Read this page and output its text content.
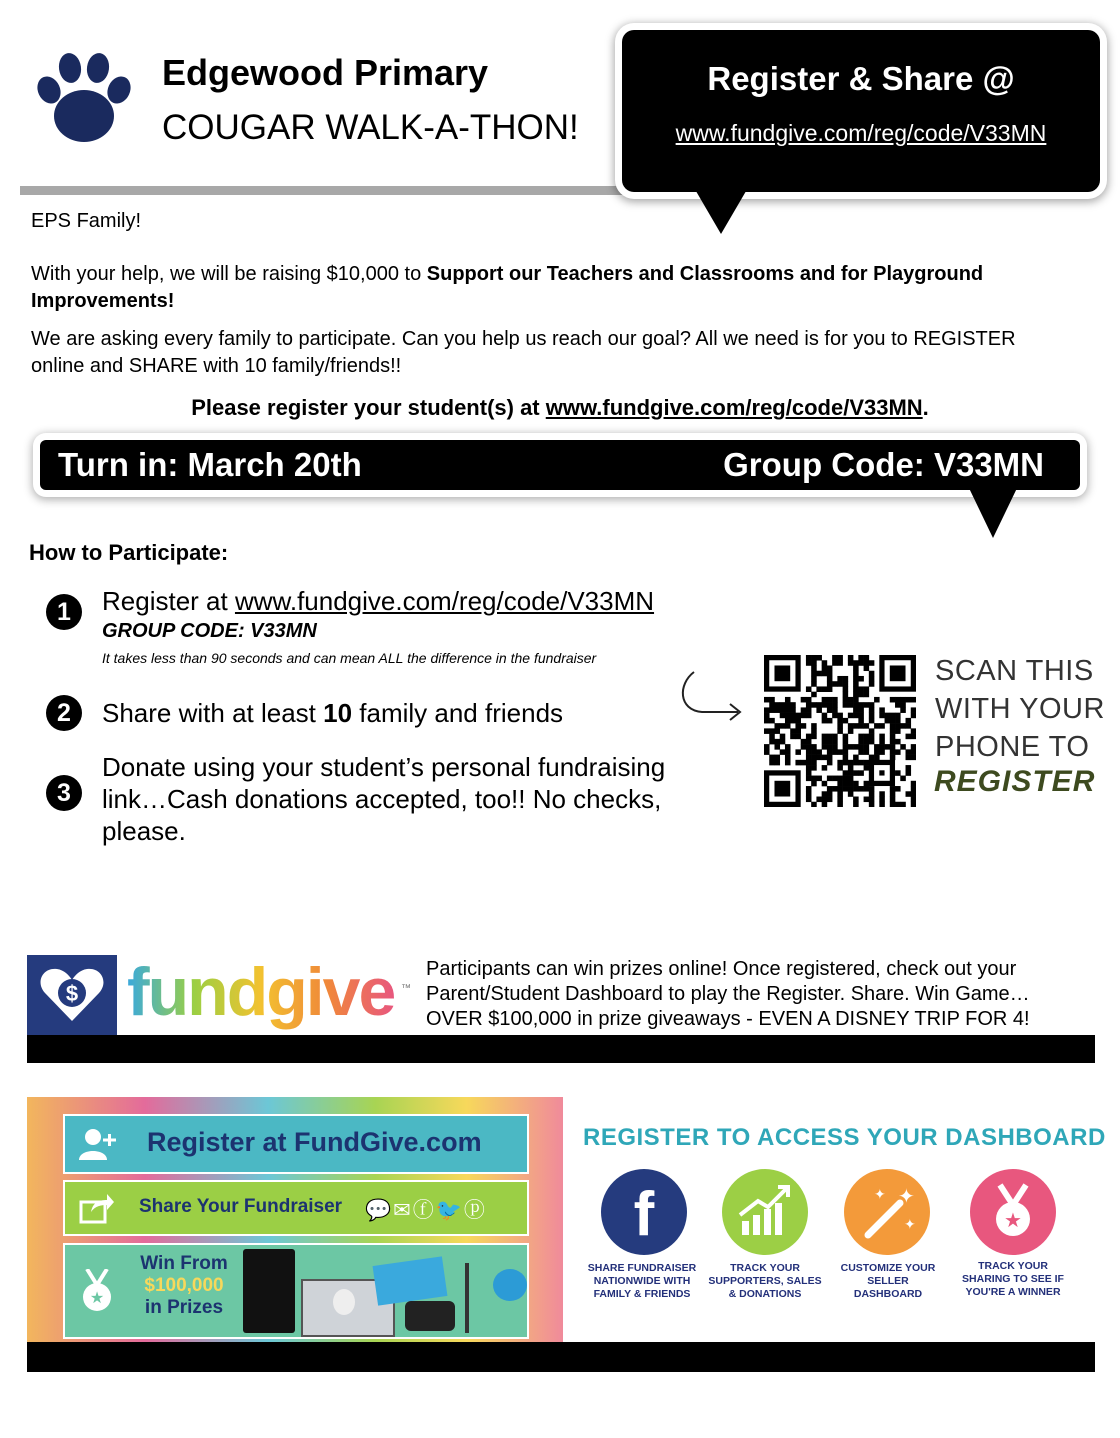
Edgewood Primary
COUGAR WALK-A-THON!
Register & Share @
www.fundgive.com/reg/code/V33MN
EPS Family!
With your help, we will be raising $10,000 to Support our Teachers and Classrooms and for Playground Improvements!
We are asking every family to participate. Can you help us reach our goal? All we need is for you to REGISTER online and SHARE with 10 family/friends!!
Please register your student(s) at www.fundgive.com/reg/code/V33MN.
Turn in: March 20th	Group Code: V33MN
How to Participate:
1	Register at www.fundgive.com/reg/code/V33MN
GROUP CODE: V33MN
It takes less than 90 seconds and can mean ALL the difference in the fundraiser
2	Share with at least 10 family and friends
3
Donate using your student’s personal fundraising
link…Cash donations accepted, too!! No checks,
please.
SCAN THIS
WITH YOUR
PHONE TO
REGISTER
$ fundgive ™
Participants can win prizes online! Once registered, check out your
Parent/Student Dashboard to play the Register. Share. Win Game…
OVER $100,000 in prize giveaways - EVEN A DISNEY TRIP FOR 4!
Register at FundGive.com
Share Your Fundraiser 💬✉ⓕ🐦ⓟ
★
Win From
$100,000
in Prizes
REGISTER TO ACCESS YOUR DASHBOARD
f	✦
✦
✦	★
SHARE FUNDRAISER
NATIONWIDE WITH
FAMILY & FRIENDS
TRACK YOUR
SUPPORTERS, SALES
& DONATIONS
CUSTOMIZE YOUR
SELLER
DASHBOARD
TRACK YOUR
SHARING TO SEE IF
YOU'RE A WINNER
